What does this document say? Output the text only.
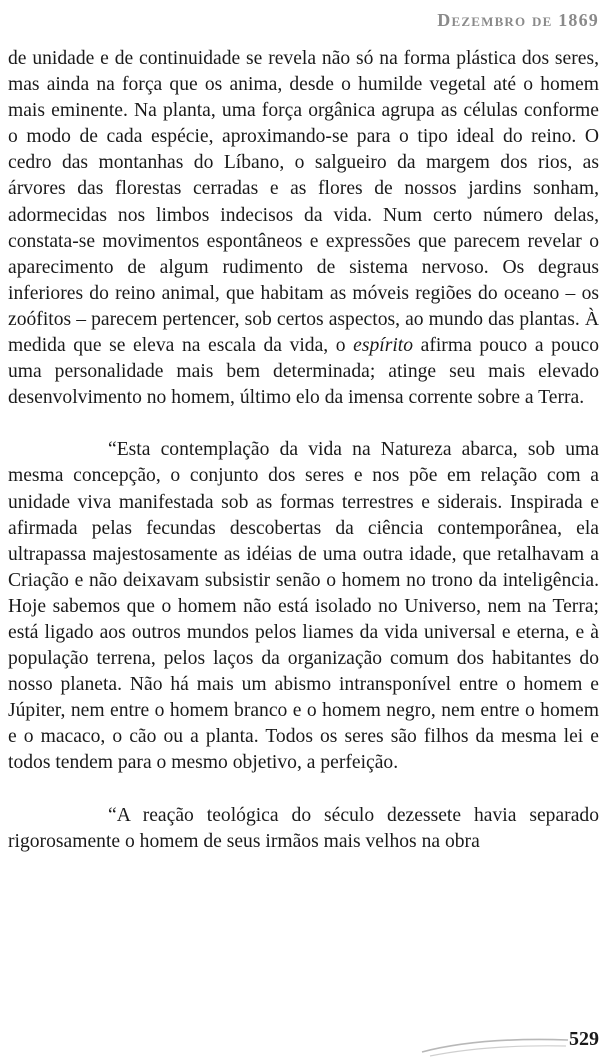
Dezembro de 1869

de unidade e de continuidade se revela não só na forma plástica dos seres, mas ainda na força que os anima, desde o humilde vegetal até o homem mais eminente. Na planta, uma força orgânica agrupa as células conforme o modo de cada espécie, aproximando-se para o tipo ideal do reino. O cedro das montanhas do Líbano, o salgueiro da margem dos rios, as árvores das florestas cerradas e as flores de nossos jardins sonham, adormecidas nos limbos indecisos da vida. Num certo número delas, constata-se movimentos espontâneos e expressões que parecem revelar o aparecimento de algum rudimento de sistema nervoso. Os degraus inferiores do reino animal, que habitam as móveis regiões do oceano – os zoófitos – parecem pertencer, sob certos aspectos, ao mundo das plantas. À medida que se eleva na escala da vida, o espírito afirma pouco a pouco uma personalidade mais bem determinada; atinge seu mais elevado desenvolvimento no homem, último elo da imensa corrente sobre a Terra.

“Esta contemplação da vida na Natureza abarca, sob uma mesma concepção, o conjunto dos seres e nos põe em relação com a unidade viva manifestada sob as formas terrestres e siderais. Inspirada e afirmada pelas fecundas descobertas da ciência contemporânea, ela ultrapassa majestosamente as idéias de uma outra idade, que retalhavam a Criação e não deixavam subsistir senão o homem no trono da inteligência. Hoje sabemos que o homem não está isolado no Universo, nem na Terra; está ligado aos outros mundos pelos liames da vida universal e eterna, e à população terrena, pelos laços da organização comum dos habitantes do nosso planeta. Não há mais um abismo intransponível entre o homem e Júpiter, nem entre o homem branco e o homem negro, nem entre o homem e o macaco, o cão ou a planta. Todos os seres são filhos da mesma lei e todos tendem para o mesmo objetivo, a perfeição.

“A reação teológica do século dezessete havia separado rigorosamente o homem de seus irmãos mais velhos na obra

529
